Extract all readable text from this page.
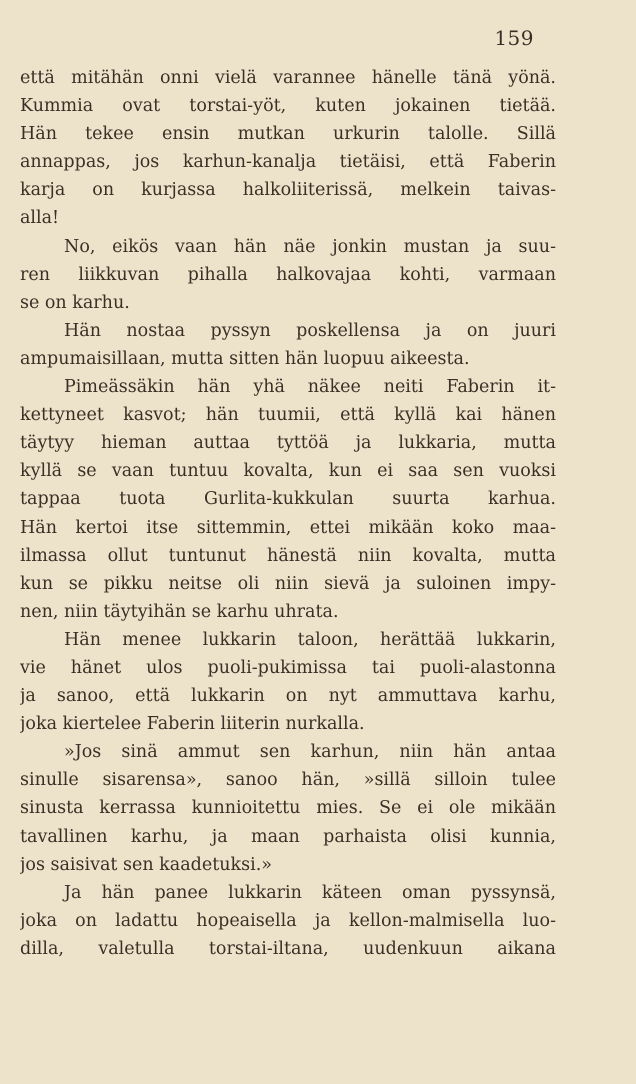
159
että mitähän onni vielä varannee hänelle tänä yönä.
Kummia ovat torstai-yöt, kuten jokainen tietää.
Hän tekee ensin mutkan urkurin talolle. Sillä
annappas, jos karhun-kanalja tietäisi, että Faberin
karja on kurjassa halkoliiterissä, melkein taivas-
alla!
No, eikös vaan hän näe jonkin mustan ja suu-
ren liikkuvan pihalla halkovajaa kohti, varmaan
se on karhu.
Hän nostaa pyssyn poskellensa ja on juuri
ampumaisillaan, mutta sitten hän luopuu aikeesta.
Pimeässäkin hän yhä näkee neiti Faberin it-
kettyneet kasvot; hän tuumii, että kyllä kai hänen
täytyy hieman auttaa tyttöä ja lukkaria, mutta
kyllä se vaan tuntuu kovalta, kun ei saa sen vuoksi
tappaa tuota Gurlita-kukkulan suurta karhua.
Hän kertoi itse sittemmin, ettei mikään koko maa-
ilmassa ollut tuntunut hänestä niin kovalta, mutta
kun se pikku neitse oli niin sievä ja suloinen impy-
nen, niin täytyihän se karhu uhrata.
Hän menee lukkarin taloon, herättää lukkarin,
vie hänet ulos puoli-pukimissa tai puoli-alastonna
ja sanoo, että lukkarin on nyt ammuttava karhu,
joka kiertelee Faberin liiterin nurkalla.
»Jos sinä ammut sen karhun, niin hän antaa
sinulle sisarensa», sanoo hän, »sillä silloin tulee
sinusta kerrassa kunnioitettu mies. Se ei ole mikään
tavallinen karhu, ja maan parhaista olisi kunnia,
jos saisivat sen kaadetuksi.»
Ja hän panee lukkarin käteen oman pyssynsä,
joka on ladattu hopeaisella ja kellon-malmisella luo-
dilla, valetulla torstai-iltana, uudenkuun aikana
